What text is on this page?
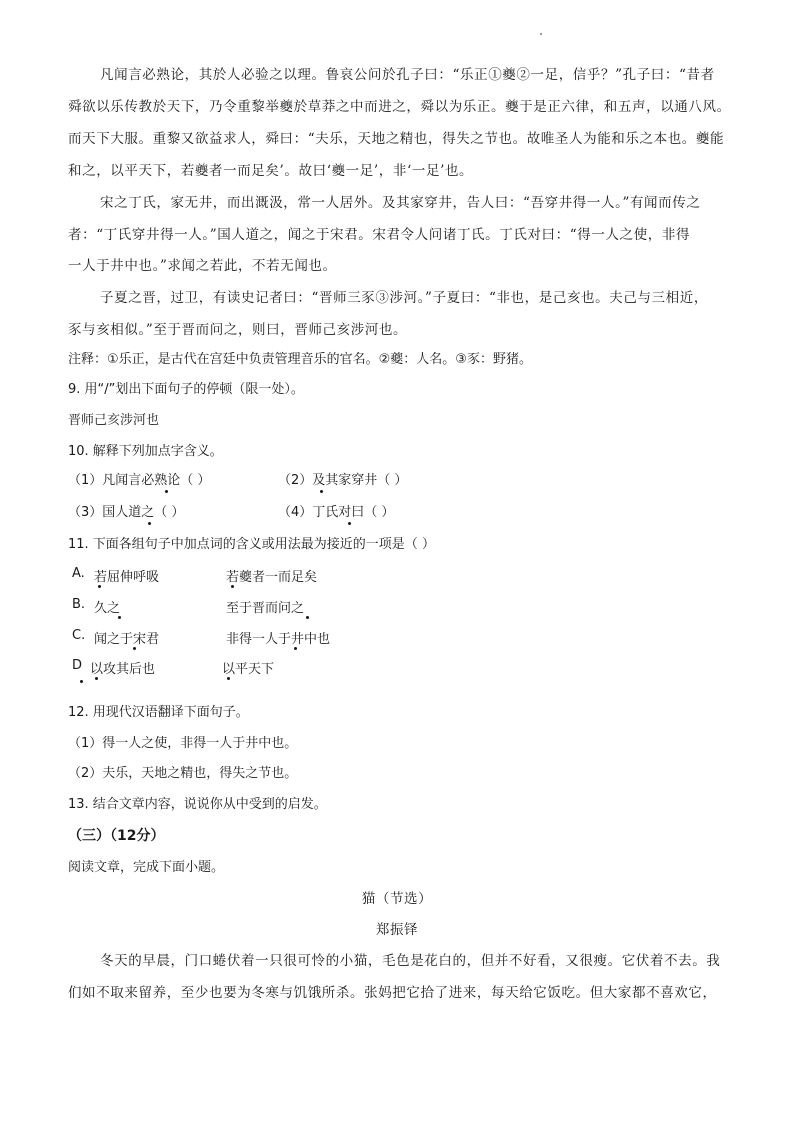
凡闻言必熟论，其於人必验之以理。鲁哀公问於孔子曰：“乐正①夔②一足，信乎？”孔子曰：“昔者
舜欲以乐传教於天下，乃令重黎举夔於草莽之中而进之，舜以为乐正。夔于是正六律，和五声，以通八风。
而天下大服。重黎又欲益求人，舜曰：“夫乐，天地之精也，得失之节也。故唯圣人为能和乐之本也。夔能
和之，以平天下，若夔者一而足矣’。故曰‘夔一足’，非‘一足’也。
宋之丁氏，家无井，而出溉汲，常一人居外。及其家穿井，告人曰：“吾穿井得一人。”有闻而传之
者：“丁氏穿井得一人。”国人道之，闻之于宋君。宋君令人问诸丁氏。丁氏对曰：“得一人之使，非得
一人于井中也。”求闻之若此，不若无闻也。
子夏之晋，过卫，有读史记者曰：“晋师三豕③涉河。”子夏曰：“非也，是己亥也。夫己与三相近，
豕与亥相似。”至于晋而问之，则曰，晋师己亥涉河也。
注释：①乐正，是古代在宫廷中负责管理音乐的官名。②夔：人名。③豕：野猪。
9. 用“/”划出下面句子的停顿（限一处）。
晋师己亥涉河也
10. 解释下列加点字含义。
（1）凡闻言必熟论（ ）	（2）及其家穿井（ ）
（3）国人道之（ ）	（4）丁氏对曰（ ）
11. 下面各组句子中加点词的含义或用法最为接近的一项是（ ）
A. 若屈伸呼吸	若夔者一而足矣
B. 久之	至于晋而问之
C. 闻之于宋君	非得一人于井中也
D 以攻其后也	以平天下
12. 用现代汉语翻译下面句子。
（1）得一人之使，非得一人于井中也。
（2）夫乐，天地之精也，得失之节也。
13. 结合文章内容，说说你从中受到的启发。
（三）（12分）
阅读文章，完成下面小题。
猫（节选）
郑振铎
冬天的早晨，门口蜷伏着一只很可怜的小猫，毛色是花白的，但并不好看，又很瘦。它伏着不去。我
们如不取来留养，至少也要为冬寒与饥饿所杀。张妈把它拾了进来，每天给它饭吃。但大家都不喜欢它，
